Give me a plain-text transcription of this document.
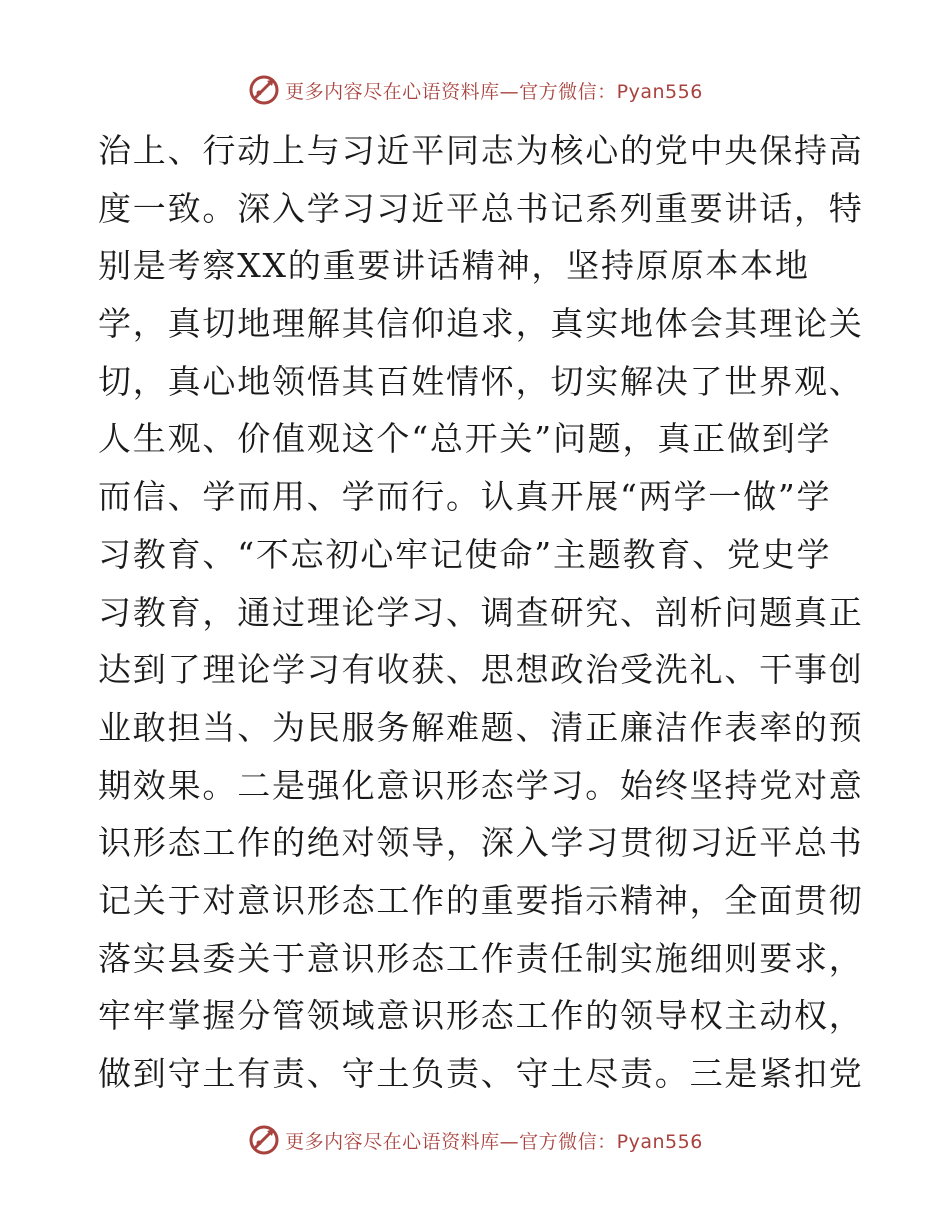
更多内容尽在心语资料库—官方微信：Pyan556
治上、行动上与习近平同志为核心的党中央保持高
度一致。深入学习习近平总书记系列重要讲话，特
别是考察XX的重要讲话精神，坚持原原本本地
学，真切地理解其信仰追求，真实地体会其理论关
切，真心地领悟其百姓情怀，切实解决了世界观、
人生观、价值观这个“总开关”问题，真正做到学
而信、学而用、学而行。认真开展“两学一做”学
习教育、“不忘初心牢记使命”主题教育、党史学
习教育，通过理论学习、调查研究、剖析问题真正
达到了理论学习有收获、思想政治受洗礼、干事创
业敢担当、为民服务解难题、清正廉洁作表率的预
期效果。二是强化意识形态学习。始终坚持党对意
识形态工作的绝对领导，深入学习贯彻习近平总书
记关于对意识形态工作的重要指示精神，全面贯彻
落实县委关于意识形态工作责任制实施细则要求，
牢牢掌握分管领域意识形态工作的领导权主动权，
做到守土有责、守土负责、守土尽责。三是紧扣党
更多内容尽在心语资料库—官方微信：Pyan556
